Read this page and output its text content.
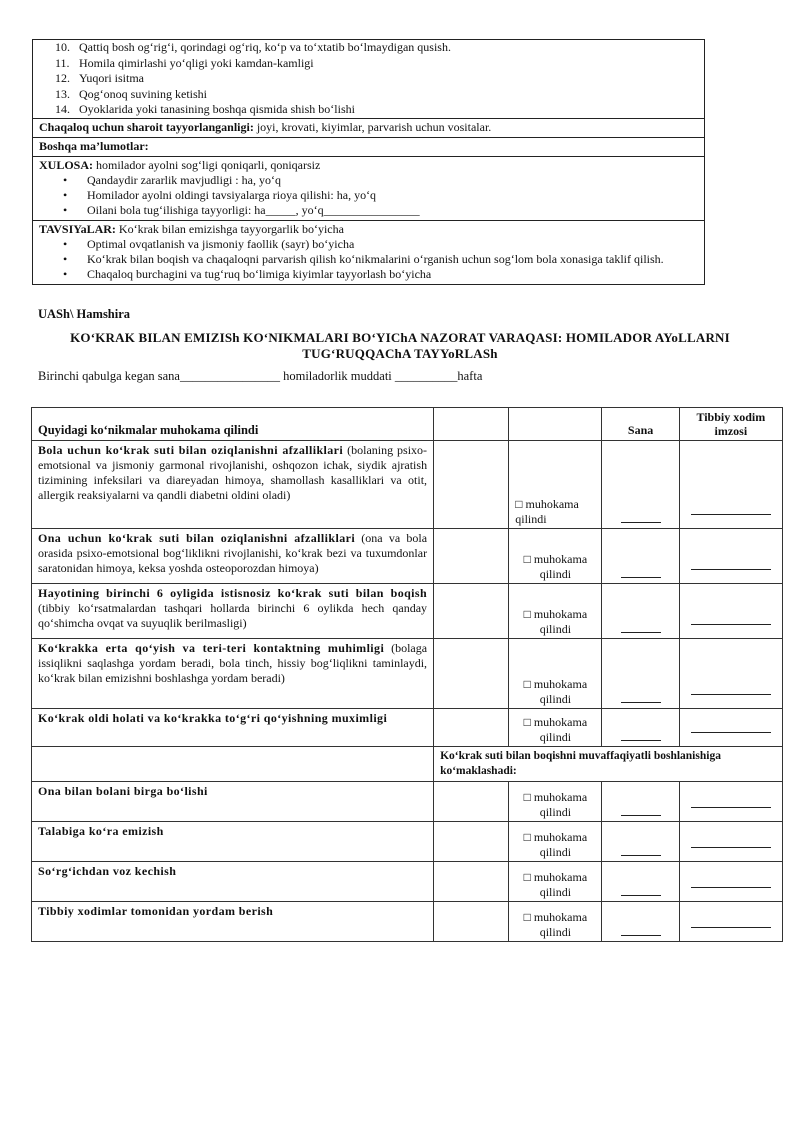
10. Qattiq bosh og‘rig‘i, qorindagi og‘riq, ko‘p va to‘xtatib bo‘lmaydigan qusish.
11. Homila qimirlashi yo‘qligi yoki kamdan-kamligi
12. Yuqori isitma
13. Qog‘onoq suvining ketishi
14. Oyoklarida yoki tanasining boshqa qismida shish bo‘lishi
Chaqaloq uchun sharoit tayyorlanganligi: joyi, krovati, kiyimlar, parvarish uchun vositalar.
Boshqa ma’lumotlar:
XULOSA: homilador ayolni sog‘ligi qoniqarli, qoniqarsiz
• Qandaydir zararlik mavjudligi : ha, yo‘q
• Homilador ayolni oldingi tavsiyalarga rioya qilishi: ha, yo‘q
• Oilani bola tug‘ilishiga tayyorligi: ha_____, yo‘q________________
TAVSIYaLAR: Ko‘krak bilan emizishga tayyorgarlik bo‘yicha
• Optimal ovqatlanish va jismoniy faollik (sayr) bo‘yicha
• Ko‘krak bilan boqish va chaqaloqni parvarish qilish ko‘nikmalarini o‘rganish uchun sog‘lom bola xonasiga taklif qilish.
• Chaqaloq burchagini va tug‘ruq bo‘limiga kiyimlar tayyorlash bo‘yicha
UASh\ Hamshira
KO‘KRAK BILAN EMIZISh KO‘NIKMALARI BO‘YIChA NAZORAT VARAQASI: HOMILADOR AYoLLARNI TUG‘RUQQAChA TAYYoRLASh
Birinchi qabulga kegan sana________________ homiladorlik muddati __________hafta
Quyidagi ko‘nikmalar muhokama qilindi			Sana	Tibbiy xodim imzosi
Bola uchun ko‘krak suti bilan oziqlanishni afzalliklari (bolaning psixo-emotsional va jismoniy garmonal rivojlanishi, oshqozon ichak, siydik ajratish tizimining infeksilari va diareyadan himoya, shamollash kasalliklari va otit, allergik reaksiyalarni va qandli diabetni oldini oladi)		□ muhokama qilindi		
Ona uchun ko‘krak suti bilan oziqlanishni afzalliklari (ona va bola orasida psixo-emotsional bog‘liklikni rivojlanishi, ko‘krak bezi va tuxumdonlar saratonidan himoya, keksa yoshda osteoporozdan himoya)		□ muhokama qilindi		
Hayotining birinchi 6 oyligida istisnosiz ko‘krak suti bilan boqish (tibbiy ko‘rsatmalardan tashqari hollarda birinchi 6 oylikda hech qanday qo‘shimcha ovqat va suyuqlik berilmasligi)		□ muhokama qilindi		
Ko‘krakka erta qo‘yish va teri-teri kontaktning muhimligi (bolaga issiqlikni saqlashga yordam beradi, bola tinch, hissiy bog‘liqlikni taminlaydi, ko‘krak bilan emizishni boshlashga yordam beradi)		□ muhokama qilindi		
Ko‘krak oldi holati va ko‘krakka to‘g‘ri qo‘yishning muximligi		□ muhokama qilindi		
	Ko‘krak suti bilan boqishni muvaffaqiyatli boshlanishiga ko‘maklashadi:			
Ona bilan bolani birga bo‘lishi		□ muhokama qilindi		
Talabiga ko‘ra emizish		□ muhokama qilindi		
So‘rg‘ichdan voz kechish		□ muhokama qilindi		
Tibbiy xodimlar tomonidan yordam berish		□ muhokama qilindi		
